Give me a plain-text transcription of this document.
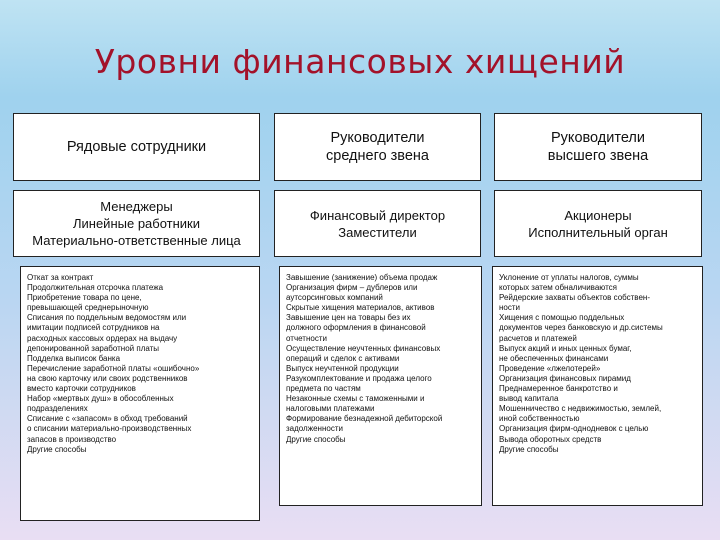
Уровни финансовых хищений
Рядовые сотрудники
Руководители
среднего звена
Руководители
высшего звена
Менеджеры
Линейные работники
Материально-ответственные лица
Финансовый директор
Заместители
Акционеры
Исполнительный орган
Откат за контракт
Продолжительная отсрочка платежа
Приобретение товара по цене,
превышающей среднерыночную
Списания по поддельным ведомостям или
имитации подписей сотрудников на
расходных кассовых ордерах на выдачу
депонированной заработной платы
Подделка выписок банка
Перечисление заработной платы «ошибочно»
на свою карточку или своих родственников
вместо карточки сотрудников
Набор «мертвых душ» в обособленных
подразделениях
Списание с «запасом» в обход требований
о списании материально-производственных
запасов в производство
Другие способы
Завышение (занижение) объема продаж
Организация фирм – дублеров или
аутсорсинговых компаний
Скрытые хищения материалов, активов
Завышение цен на товары без их
должного оформления в финансовой
отчетности
Осуществление неучтенных финансовых
операций и сделок с активами
Выпуск неучтенной продукции
Разукомплектование и продажа целого
предмета по частям
Незаконные схемы с таможенными и
налоговыми платежами
Формирование безнадежной дебиторской
задолженности
Другие способы
Уклонение от уплаты налогов, суммы
которых затем обналичиваются
Рейдерские захваты объектов собствен-
ности
Хищения с помощью поддельных
документов через банковскую и др.системы
расчетов и платежей
Выпуск акций и иных ценных бумаг,
не обеспеченных финансами
Проведение «лжелотерей»
Организация финансовых пирамид
Преднамеренное банкротство и
вывод капитала
Мошенничество с недвижимостью, землей,
иной собственностью
Организация фирм-однодневок с целью
Вывода оборотных средств
Другие способы
